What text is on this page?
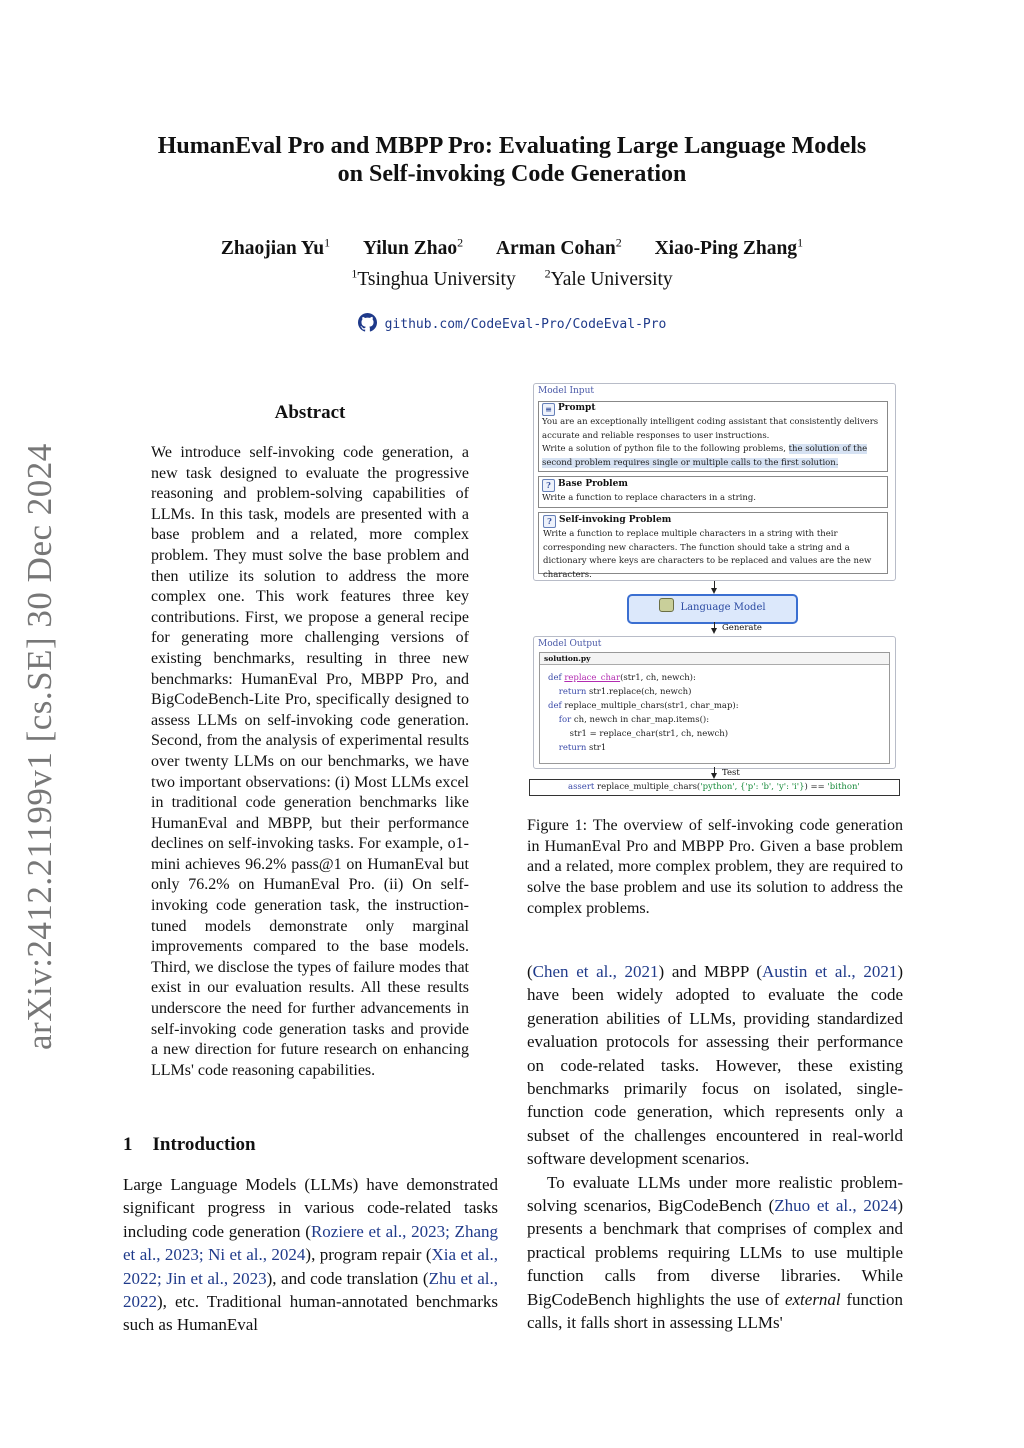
HumanEval Pro and MBPP Pro: Evaluating Large Language Models
on Self-invoking Code Generation
Zhaojian Yu$^1$ Yilun Zhao$^2$ Arman Cohan$^2$ Xiao-Ping Zhang$^1$
$^1$Tsinghua University $^2$Yale University
github.com/CodeEval-Pro/CodeEval-Pro
arXiv:2412.21199v1 [cs.SE] 30 Dec 2024
Abstract
We introduce self-invoking code generation, a new task designed to evaluate the progressive reasoning and problem-solving capabilities of LLMs. In this task, models are presented with a base problem and a related, more complex problem. They must solve the base problem and then utilize its solution to address the more complex one. This work features three key contributions. First, we propose a general recipe for generating more challenging versions of existing benchmarks, resulting in three new benchmarks: HumanEval Pro, MBPP Pro, and BigCodeBench-Lite Pro, specifically designed to assess LLMs on self-invoking code generation. Second, from the analysis of experimental results over twenty LLMs on our benchmarks, we have two important observations: (i) Most LLMs excel in traditional code generation benchmarks like HumanEval and MBPP, but their performance declines on self-invoking tasks. For example, o1-mini achieves 96.2% pass@1 on HumanEval but only 76.2% on HumanEval Pro. (ii) On self-invoking code generation task, the instruction-tuned models demonstrate only marginal improvements compared to the base models. Third, we disclose the types of failure modes that exist in our evaluation results. All these results underscore the need for further advancements in self-invoking code generation tasks and provide a new direction for future research on enhancing LLMs' code reasoning capabilities.
1 Introduction
Large Language Models (LLMs) have demonstrated significant progress in various code-related tasks including code generation (Roziere et al., 2023; Zhang et al., 2023; Ni et al., 2024), program repair (Xia et al., 2022; Jin et al., 2023), and code translation (Zhu et al., 2022), etc. Traditional human-annotated benchmarks such as HumanEval
Model Input
≡ Prompt
You are an exceptionally intelligent coding assistant that consistently delivers accurate and reliable responses to user instructions.
Write a solution of python file to the following problems, the solution of the second problem requires single or multiple calls to the first solution.
? Base Problem
Write a function to replace characters in a string.
? Self-invoking Problem
Write a function to replace multiple characters in a string with their corresponding new characters. The function should take a string and a dictionary where keys are characters to be replaced and values are the new characters.
Language Model
Generate
Model Output
solution.py
def replace_char(str1, ch, newch):
return str1.replace(ch, newch)
def replace_multiple_chars(str1, char_map):
for ch, newch in char_map.items():
str1 = replace_char(str1, ch, newch)
return str1
Test
assert replace_multiple_chars('python', {'p': 'b', 'y': 'i'}) == 'bithon'
Figure 1: The overview of self-invoking code generation in HumanEval Pro and MBPP Pro. Given a base problem and a related, more complex problem, they are required to solve the base problem and use its solution to address the complex problems.

(Chen et al., 2021) and MBPP (Austin et al., 2021) have been widely adopted to evaluate the code generation abilities of LLMs, providing standardized evaluation protocols for assessing their performance on code-related tasks. However, these existing benchmarks primarily focus on isolated, single-function code generation, which represents only a subset of the challenges encountered in real-world software development scenarios.

To evaluate LLMs under more realistic problem-solving scenarios, BigCodeBench (Zhuo et al., 2024) presents a benchmark that comprises of complex and practical problems requiring LLMs to use multiple function calls from diverse libraries. While BigCodeBench highlights the use of external function calls, it falls short in assessing LLMs'
